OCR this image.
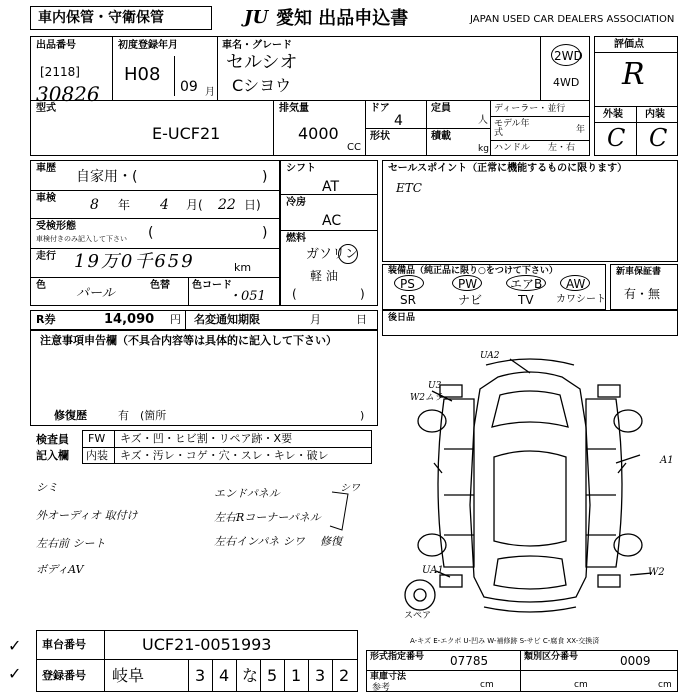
車内保管・守衛保管	JU 愛知 出品申込書	JAPAN USED CAR DEALERS ASSOCIATION
出品番号
[2118]
30826
初度登録年月
H08
09 月
車名・グレード
セルシオ
Cシヨウ
2WD
4WD
型式
E-UCF21
排気量
4000
CC
ドア
4
形状
定員
人
積載
kg
ディーラー・並行
モデル年式	年
ハンドル 左・右
評価点
R
外装 内装
C C
車歴
自家用・(	)
車検 8 年 4 月( 22 日)
受検形態
車検付きのみ記入して下さい (	)
走行 19万0千659	km
色
パール
色替 色コード
・051
シフト
AT
冷房
AC
燃料
ガソリン
軽 油
(	)
セールスポイント（正常に機能するものに限ります）
ETC
装備品（純正品に限り○をつけて下さい）
PS	PW	エアB AW
SR	ナビ	TV カワシート
新車保証書
有・無
R券	14,090 円 名変通知期限	月	日 後日品
注意事項申告欄（不具合内容等は具体的に記入して下さい）
修復歴	有 (箇所	)
検査員
記入欄
FW キズ・凹・ヒビ割・リペア跡・X要
内装 キズ・汚レ・コゲ・穴・スレ・キレ・破レ
シミ
外オーディオ 取付け
左右前 シート
ボディAV
エンドパネル
左右Rコーナーパネル
左右インパネ シワ
シワ
修復
UA2
U3
W2ムラ
A1
UA1	W2
スペア
A-キズ E-エクボ U-凹み W-補修跡 S-サビ C-腐食 XX-交換済
✓
✓
車台番号	UCF21-0051993
登録番号 岐阜	3 4 な 5 1 3 2
形式指定番号 07785	類別区分番号	0009
車庫寸法
参考	cm	cm	cm
